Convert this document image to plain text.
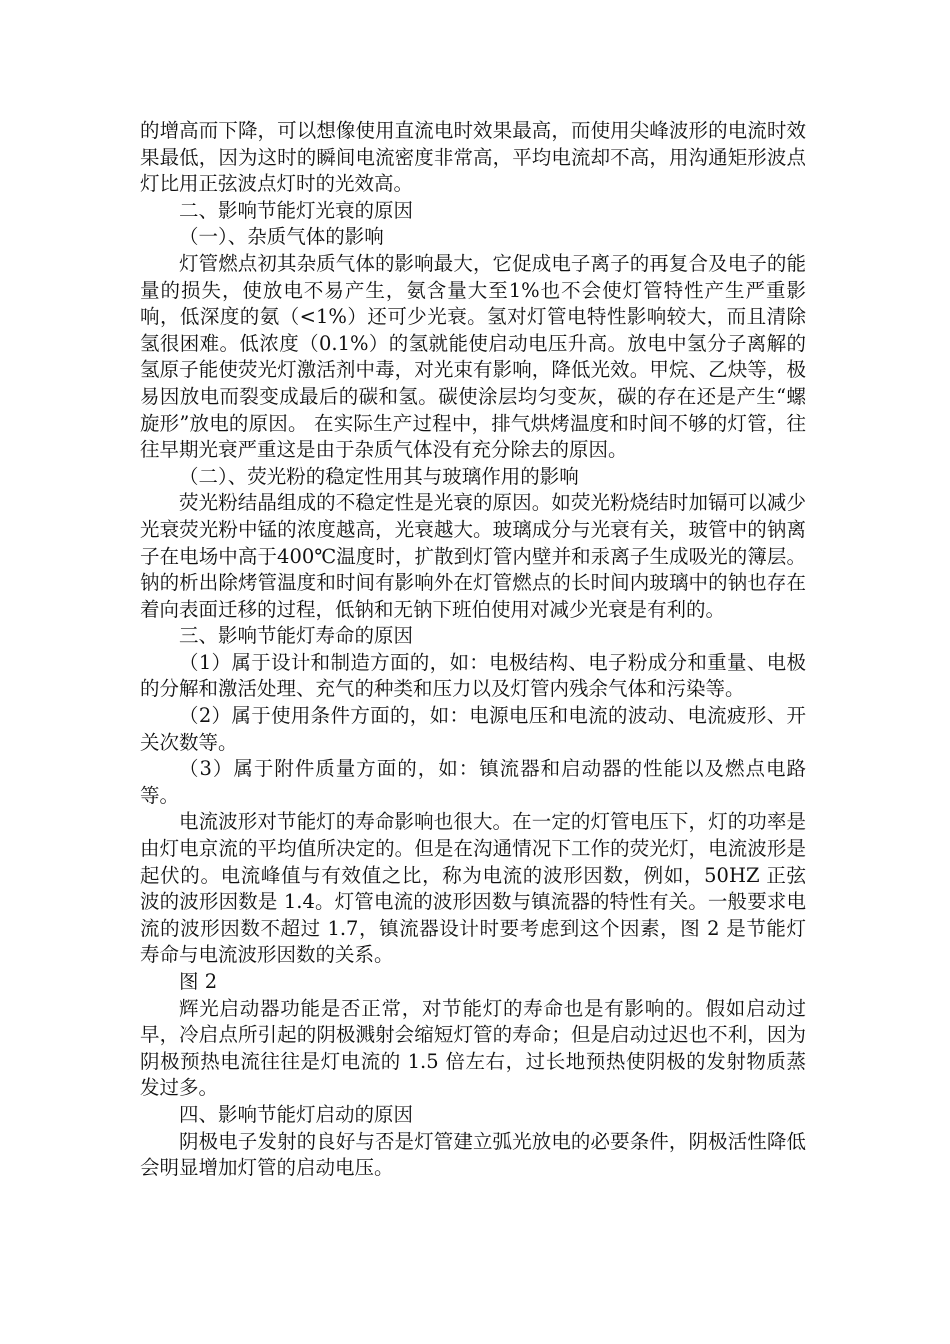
的增高而下降，可以想像使用直流电时效果最高，而使用尖峰波形的电流时效果最低，因为这时的瞬间电流密度非常高，平均电流却不高，用沟通矩形波点灯比用正弦波点灯时的光效高。

二、影响节能灯光衰的原因

（一）、杂质气体的影响

灯管燃点初其杂质气体的影响最大，它促成电子离子的再复合及电子的能量的损失，使放电不易产生，氨含量大至1%也不会使灯管特性产生严重影响，低深度的氨（<1%）还可少光衰。氢对灯管电特性影响较大，而且清除氢很困难。低浓度（0.1%）的氢就能使启动电压升高。放电中氢分子离解的氢原子能使荧光灯激活剂中毒，对光束有影响，降低光效。甲烷、乙炔等，极易因放电而裂变成最后的碳和氢。碳使涂层均匀变灰，碳的存在还是产生“螺旋形”放电的原因。 在实际生产过程中，排气烘烤温度和时间不够的灯管，往往早期光衰严重这是由于杂质气体没有充分除去的原因。

（二）、荧光粉的稳定性用其与玻璃作用的影响

荧光粉结晶组成的不稳定性是光衰的原因。如荧光粉烧结时加镉可以减少光衰荧光粉中锰的浓度越高，光衰越大。玻璃成分与光衰有关，玻管中的钠离子在电场中高于400℃温度时，扩散到灯管内壁并和汞离子生成吸光的簿层。钠的析出除烤管温度和时间有影响外在灯管燃点的长时间内玻璃中的钠也存在着向表面迁移的过程，低钠和无钠下班伯使用对减少光衰是有利的。

三、影响节能灯寿命的原因

（1）属于设计和制造方面的，如：电极结构、电子粉成分和重量、电极的分解和激活处理、充气的种类和压力以及灯管内残余气体和污染等。

（2）属于使用条件方面的，如：电源电压和电流的波动、电流疲形、开关次数等。

（3）属于附件质量方面的，如：镇流器和启动器的性能以及燃点电路等。

电流波形对节能灯的寿命影响也很大。在一定的灯管电压下，灯的功率是由灯电京流的平均值所决定的。但是在沟通情况下工作的荧光灯，电流波形是起伏的。电流峰值与有效值之比，称为电流的波形因数，例如，50HZ 正弦波的波形因数是 1.4。灯管电流的波形因数与镇流器的特性有关。一般要求电流的波形因数不超过 1.7，镇流器设计时要考虑到这个因素，图 2 是节能灯寿命与电流波形因数的关系。

图 2

辉光启动器功能是否正常，对节能灯的寿命也是有影响的。假如启动过早，冷启点所引起的阴极溅射会缩短灯管的寿命；但是启动过迟也不利，因为阴极预热电流往往是灯电流的 1.5 倍左右，过长地预热使阴极的发射物质蒸发过多。

四、影响节能灯启动的原因

阴极电子发射的良好与否是灯管建立弧光放电的必要条件，阴极活性降低会明显增加灯管的启动电压。
